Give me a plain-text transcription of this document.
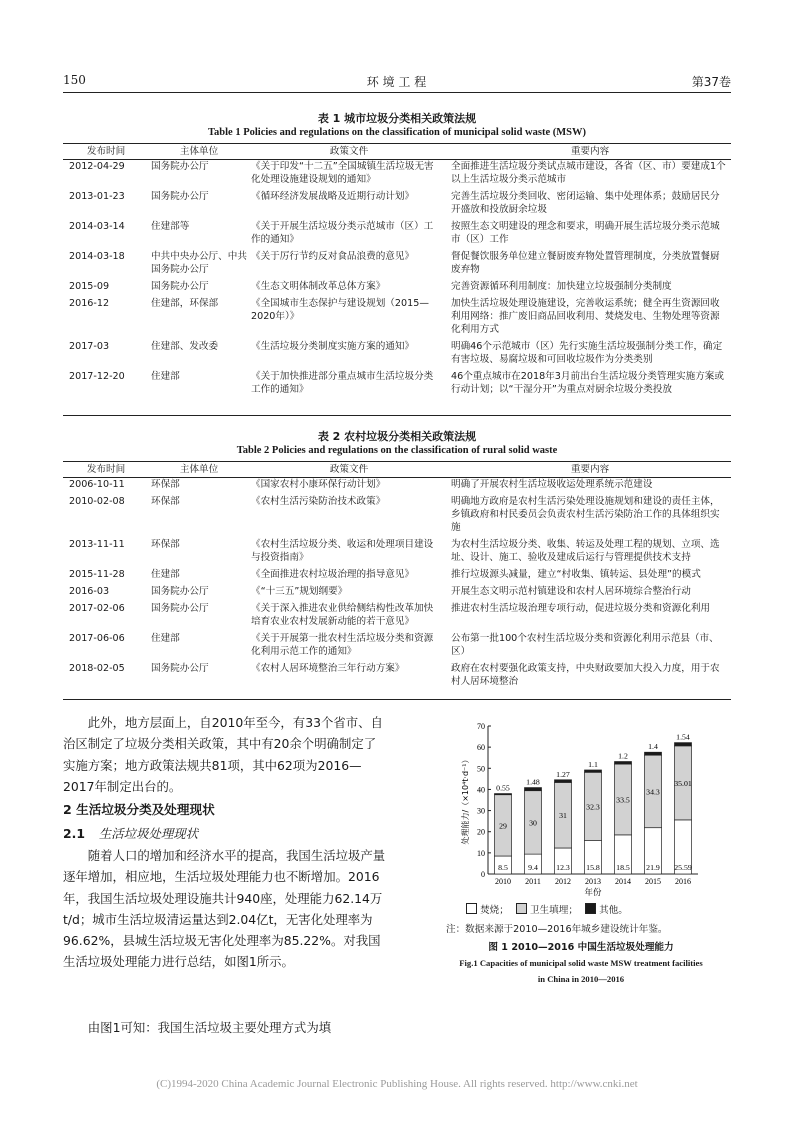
150	环 境 工 程	第37卷
表 1 城市垃圾分类相关政策法规
Table 1 Policies and regulations on the classification of municipal solid waste (MSW)
发布时间	主体单位	政策文件	重要内容
2012-04-29	国务院办公厅	《关于印发“十二五”全国城镇生活垃圾无害化处理设施建设规划的通知》	全面推进生活垃圾分类试点城市建设，各省（区、市）要建成1个以上生活垃圾分类示范城市
2013-01-23	国务院办公厅	《循环经济发展战略及近期行动计划》	完善生活垃圾分类回收、密闭运输、集中处理体系；鼓励居民分开盛放和投放厨余垃圾
2014-03-14	住建部等	《关于开展生活垃圾分类示范城市（区）工作的通知》	按照生态文明建设的理念和要求，明确开展生活垃圾分类示范城市（区）工作
2014-03-18	中共中央办公厅、中共国务院办公厅	《关于厉行节约反对食品浪费的意见》	督促餐饮服务单位建立餐厨废弃物处置管理制度，分类放置餐厨废弃物
2015-09	国务院办公厅	《生态文明体制改革总体方案》	完善资源循环利用制度：加快建立垃圾强制分类制度
2016-12	住建部，环保部	《全国城市生态保护与建设规划（2015—2020年）》	加快生活垃圾处理设施建设，完善收运系统；健全再生资源回收利用网络：推广废旧商品回收利用、焚烧发电、生物处理等资源化利用方式
2017-03	住建部、发改委	《生活垃圾分类制度实施方案的通知》	明确46个示范城市（区）先行实施生活垃圾强制分类工作，确定有害垃圾、易腐垃圾和可回收垃圾作为分类类别
2017-12-20	住建部	《关于加快推进部分重点城市生活垃圾分类工作的通知》	46个重点城市在2018年3月前出台生活垃圾分类管理实施方案或行动计划；以“干湿分开”为重点对厨余垃圾分类投放
表 2 农村垃圾分类相关政策法规
Table 2 Policies and regulations on the classification of rural solid waste
发布时间	主体单位	政策文件	重要内容
2006-10-11	环保部	《国家农村小康环保行动计划》	明确了开展农村生活垃圾收运处理系统示范建设
2010-02-08	环保部	《农村生活污染防治技术政策》	明确地方政府是农村生活污染处理设施规划和建设的责任主体，乡镇政府和村民委员会负责农村生活污染防治工作的具体组织实施
2013-11-11	环保部	《农村生活垃圾分类、收运和处理项目建设与投资指南》	为农村生活垃圾分类、收集、转运及处理工程的规划、立项、选址、设计、施工、验收及建成后运行与管理提供技术支持
2015-11-28	住建部	《全面推进农村垃圾治理的指导意见》	推行垃圾源头减量，建立“村收集、镇转运、县处理”的模式
2016-03	国务院办公厅	《“十三五”规划纲要》	开展生态文明示范村镇建设和农村人居环境综合整治行动
2017-02-06	国务院办公厅	《关于深入推进农业供给侧结构性改革加快培育农业农村发展新动能的若干意见》	推进农村生活垃圾治理专项行动，促进垃圾分类和资源化利用
2017-06-06	住建部	《关于开展第一批农村生活垃圾分类和资源化利用示范工作的通知》	公布第一批100个农村生活垃圾分类和资源化利用示范县（市、区）
2018-02-05	国务院办公厅	《农村人居环境整治三年行动方案》	政府在农村要强化政策支持，中央财政要加大投入力度，用于农村人居环境整治
此外，地方层面上，自2010年至今，有33个省市、自治区制定了垃圾分类相关政策，其中有20余个明确制定了实施方案；地方政策法规共81项，其中62项为2016—2017年制定出台的。
2 生活垃圾分类及处理现状
2.1 生活垃圾处理现状
随着人口的增加和经济水平的提高，我国生活垃圾产量逐年增加，相应地，生活垃圾处理能力也不断增加。2016年，我国生活垃圾处理设施共计940座，处理能力62.14万t/d；城市生活垃圾清运量达到2.04亿t，无害化处理率为96.62%，县城生活垃圾无害化处理率为85.22%。对我国生活垃圾处理能力进行总结，如图1所示。
由图1可知：我国生活垃圾主要处理方式为填
0
10
20
30
40
50
60
70
处理能力/（×10⁴t·d⁻¹）
8.5
29
0.55
2010
9.4
30
1.48
2011
12.3
31
1.27
2012
15.8
32.3
1.1
2013
18.5
33.5
1.2
2014
21.9
34.3
1.4
2015
25.59
35.01
1.54
2016
年份
焚烧； 卫生填埋； 其他。
注：数据来源于2010—2016年城乡建设统计年鉴。
图 1 2010—2016 中国生活垃圾处理能力
Fig.1 Capacities of municipal solid waste MSW treatment facilities
in China in 2010—2016
(C)1994-2020 China Academic Journal Electronic Publishing House. All rights reserved. http://www.cnki.net
